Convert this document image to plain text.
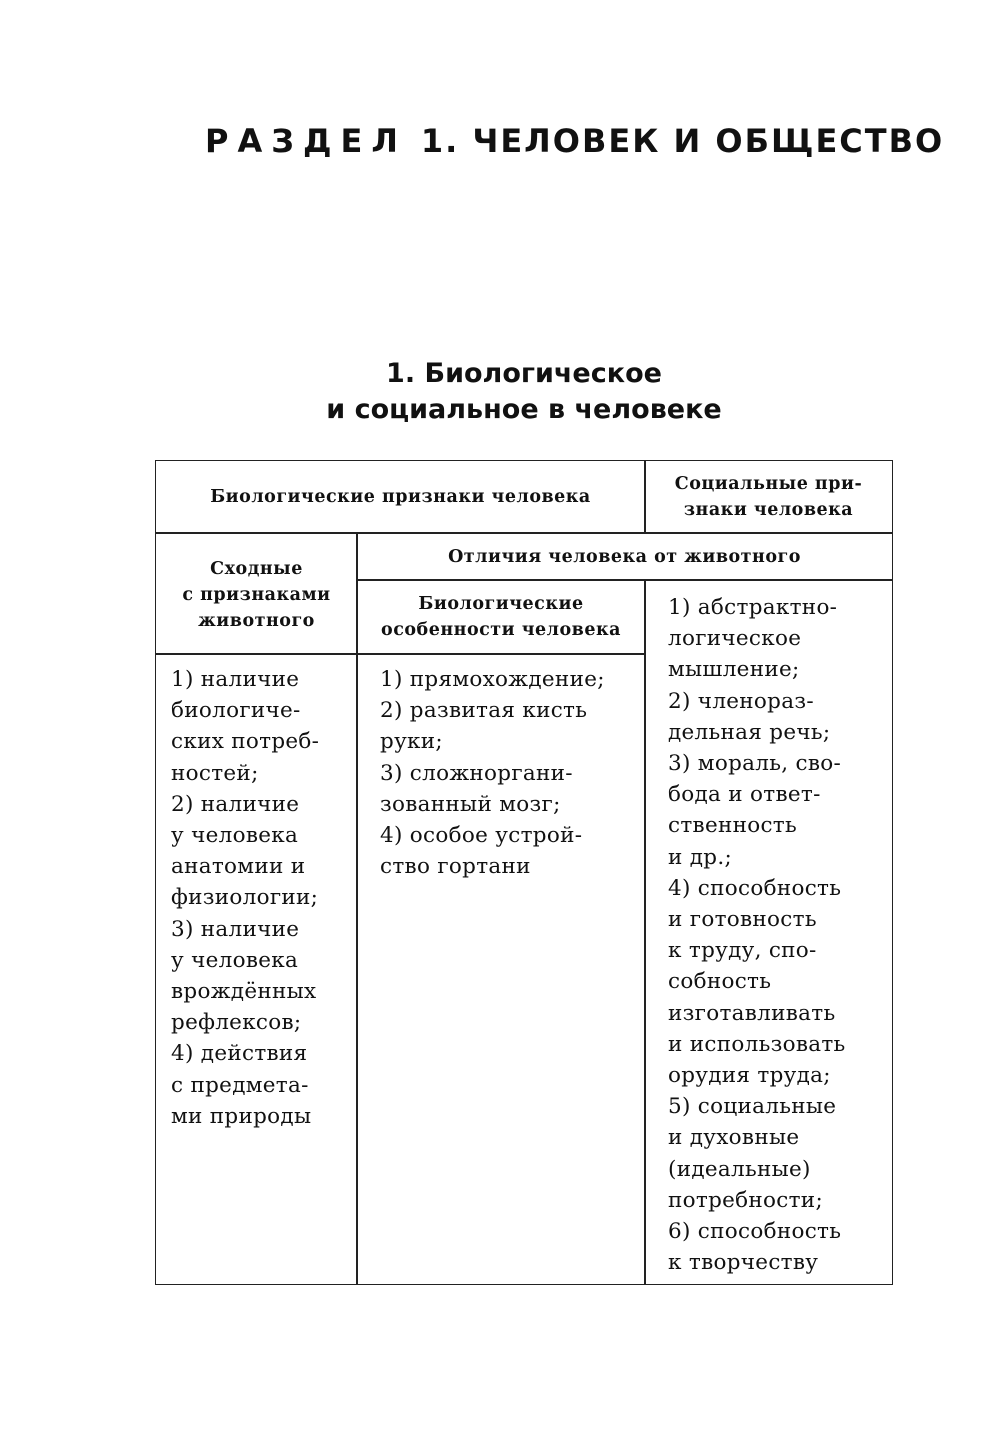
РАЗДЕЛ 1. ЧЕЛОВЕК И ОБЩЕСТВО
1. Биологическое
и социальное в человеке
Биологические признаки человека
Социальные при-
знаки человека
Сходные
с признаками
животного
Отличия человека от животного
Биологические
особенности человека
1) абстрактно-
логическое
мышление;
2) членораз-
дельная речь;
3) мораль, сво-
бода и ответ-
ственность
и др.;
4) способность
и готовность
к труду, спо-
собность
изготавливать
и использовать
орудия труда;
5) социальные
и духовные
(идеальные)
потребности;
6) способность
к творчеству
1) наличие
биологиче-
ских потреб-
ностей;
2) наличие
у человека
анатомии и
физиологии;
3) наличие
у человека
врождённых
рефлексов;
4) действия
с предмета-
ми природы
1) прямохождение;
2) развитая кисть
руки;
3) сложноргани-
зованный мозг;
4) особое устрой-
ство гортани
